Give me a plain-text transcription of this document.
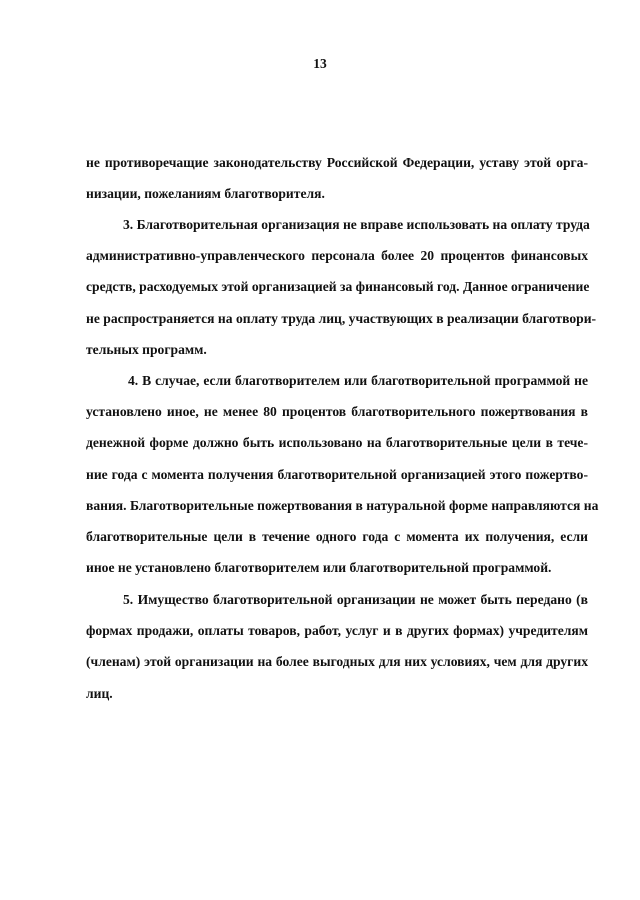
13
не противоречащие законодательству Российской Федерации, уставу этой орга-
низации, пожеланиям благотворителя.
3. Благотворительная организация не вправе использовать на оплату труда
административно-управленческого персонала более 20 процентов финансовых
средств, расходуемых этой организацией за финансовый год. Данное ограничение
не распространяется на оплату труда лиц, участвующих в реализации благотвори-
тельных программ.
4. В случае, если благотворителем или благотворительной программой не
установлено иное, не менее 80 процентов благотворительного пожертвования в
денежной форме должно быть использовано на благотворительные цели в тече-
ние года с момента получения благотворительной организацией этого пожертво-
вания. Благотворительные пожертвования в натуральной форме направляются на
благотворительные цели в течение одного года с момента их получения, если
иное не установлено благотворителем или благотворительной программой.
5. Имущество благотворительной организации не может быть передано (в
формах продажи, оплаты товаров, работ, услуг и в других формах) учредителям
(членам) этой организации на более выгодных для них условиях, чем для других
лиц.
